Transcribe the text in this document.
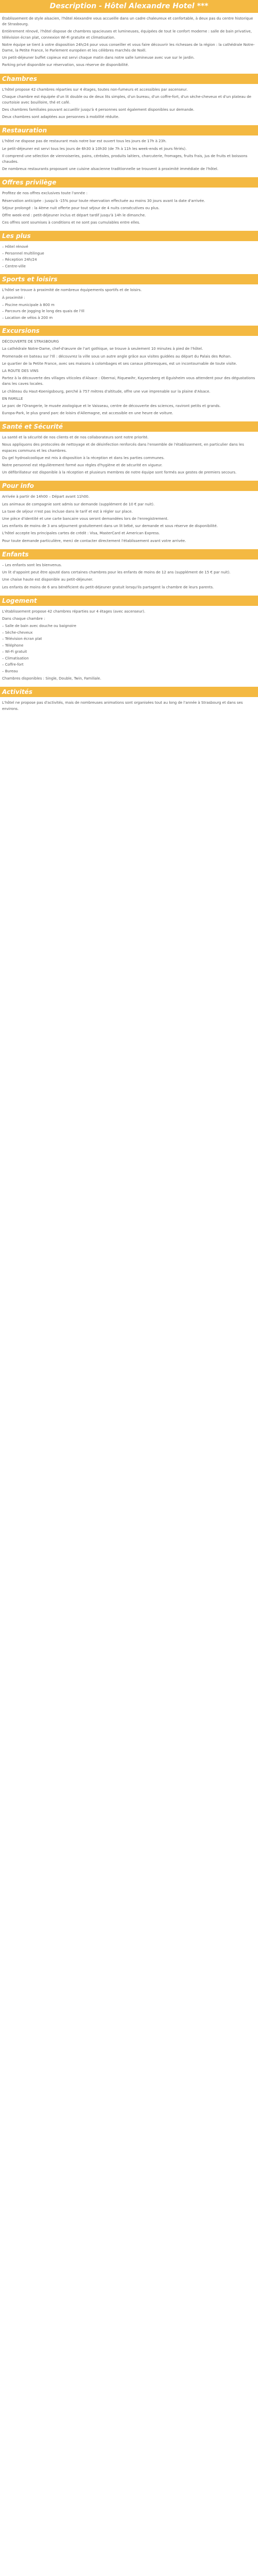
Description - Hôtel Alexandre Hotel ***

Établissement de style alsacien, l'hôtel Alexandre vous accueille dans un cadre chaleureux et confortable, à deux pas du centre historique de Strasbourg.

Entièrement rénové, l'hôtel dispose de chambres spacieuses et lumineuses, équipées de tout le confort moderne : salle de bain privative, télévision écran plat, connexion Wi-Fi gratuite et climatisation.

Notre équipe se tient à votre disposition 24h/24 pour vous conseiller et vous faire découvrir les richesses de la région : la cathédrale Notre-Dame, la Petite France, le Parlement européen et les célèbres marchés de Noël.

Un petit-déjeuner buffet copieux est servi chaque matin dans notre salle lumineuse avec vue sur le jardin.

Parking privé disponible sur réservation, sous réserve de disponibilité.

Chambres

L'hôtel propose 42 chambres réparties sur 4 étages, toutes non-fumeurs et accessibles par ascenseur.

Chaque chambre est équipée d'un lit double ou de deux lits simples, d'un bureau, d'un coffre-fort, d'un sèche-cheveux et d'un plateau de courtoisie avec bouilloire, thé et café.

Des chambres familiales pouvant accueillir jusqu'à 4 personnes sont également disponibles sur demande.

Deux chambres sont adaptées aux personnes à mobilité réduite.

Restauration

L'hôtel ne dispose pas de restaurant mais notre bar est ouvert tous les jours de 17h à 23h.

Le petit-déjeuner est servi tous les jours de 6h30 à 10h30 (de 7h à 11h les week-ends et jours fériés).

Il comprend une sélection de viennoiseries, pains, céréales, produits laitiers, charcuterie, fromages, fruits frais, jus de fruits et boissons chaudes.

De nombreux restaurants proposant une cuisine alsacienne traditionnelle se trouvent à proximité immédiate de l'hôtel.

Offres privilège

Profitez de nos offres exclusives toute l'année :

Réservation anticipée : jusqu'à -15% pour toute réservation effectuée au moins 30 jours avant la date d'arrivée.

Séjour prolongé : la 4ème nuit offerte pour tout séjour de 4 nuits consécutives ou plus.

Offre week-end : petit-déjeuner inclus et départ tardif jusqu'à 14h le dimanche.

Ces offres sont soumises à conditions et ne sont pas cumulables entre elles.

Les plus
– Hôtel rénové
– Personnel multilingue
– Réception 24h/24
– Centre-ville
Sports et loisirs

L'hôtel se trouve à proximité de nombreux équipements sportifs et de loisirs.

À proximité :

– Piscine municipale à 800 m
– Parcours de jogging le long des quais de l'Ill
– Location de vélos à 200 m
Excursions

DÉCOUVERTE DE STRASBOURG

La cathédrale Notre-Dame, chef-d'œuvre de l'art gothique, se trouve à seulement 10 minutes à pied de l'hôtel.

Promenade en bateau sur l'Ill : découvrez la ville sous un autre angle grâce aux visites guidées au départ du Palais des Rohan.

Le quartier de la Petite France, avec ses maisons à colombages et ses canaux pittoresques, est un incontournable de toute visite.

LA ROUTE DES VINS

Partez à la découverte des villages viticoles d'Alsace : Obernai, Riquewihr, Kaysersberg et Eguisheim vous attendent pour des dégustations dans les caves locales.

Le château du Haut-Koenigsbourg, perché à 757 mètres d'altitude, offre une vue imprenable sur la plaine d'Alsace.

EN FAMILLE

Le parc de l'Orangerie, le musée zoologique et le Vaisseau, centre de découverte des sciences, raviront petits et grands.

Europa-Park, le plus grand parc de loisirs d'Allemagne, est accessible en une heure de voiture.

Santé et Sécurité

La santé et la sécurité de nos clients et de nos collaborateurs sont notre priorité.

Nous appliquons des protocoles de nettoyage et de désinfection renforcés dans l'ensemble de l'établissement, en particulier dans les espaces communs et les chambres.

Du gel hydroalcoolique est mis à disposition à la réception et dans les parties communes.

Notre personnel est régulièrement formé aux règles d'hygiène et de sécurité en vigueur.

Un défibrillateur est disponible à la réception et plusieurs membres de notre équipe sont formés aux gestes de premiers secours.

Pour info

Arrivée à partir de 14h00 – Départ avant 11h00.

Les animaux de compagnie sont admis sur demande (supplément de 10 € par nuit).

La taxe de séjour n'est pas incluse dans le tarif et est à régler sur place.

Une pièce d'identité et une carte bancaire vous seront demandées lors de l'enregistrement.

Les enfants de moins de 3 ans séjournent gratuitement dans un lit bébé, sur demande et sous réserve de disponibilité.

L'hôtel accepte les principales cartes de crédit : Visa, MasterCard et American Express.

Pour toute demande particulière, merci de contacter directement l'établissement avant votre arrivée.

Enfants
– Les enfants sont les bienvenus.

Un lit d'appoint peut être ajouté dans certaines chambres pour les enfants de moins de 12 ans (supplément de 15 € par nuit).

Une chaise haute est disponible au petit-déjeuner.

Les enfants de moins de 6 ans bénéficient du petit-déjeuner gratuit lorsqu'ils partagent la chambre de leurs parents.

Logement

L'établissement propose 42 chambres réparties sur 4 étages (avec ascenseur).

Dans chaque chambre :

– Salle de bain avec douche ou baignoire
– Sèche-cheveux
– Télévision écran plat
– Téléphone
– Wi-Fi gratuit
– Climatisation
– Coffre-fort
– Bureau

Chambres disponibles : Single, Double, Twin, Familiale.

Activités

L'hôtel ne propose pas d'activités, mais de nombreuses animations sont organisées tout au long de l'année à Strasbourg et dans ses environs.
